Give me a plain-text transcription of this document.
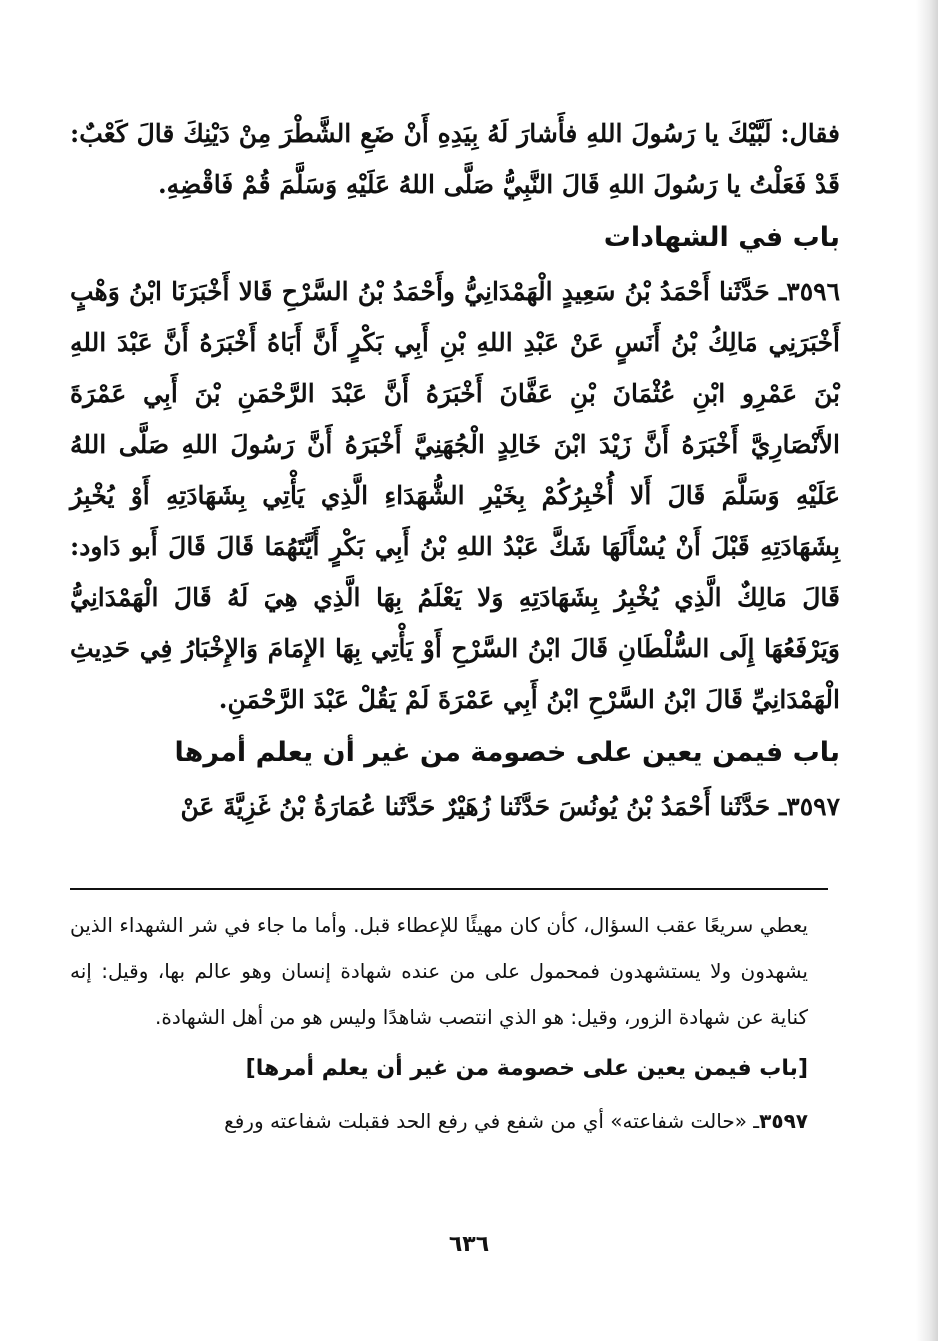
فقال: لَبَّيْكَ يا رَسُولَ اللهِ فأَشارَ لَهُ بِيَدِهِ أَنْ ضَعِ الشَّطْرَ مِنْ دَيْنِكَ قالَ كَعْبٌ: قَدْ فَعَلْتُ يا رَسُولَ اللهِ قَالَ النَّبِيُّ صَلَّى اللهُ عَلَيْهِ وَسَلَّمَ قُمْ فَاقْضِهِ.

باب في الشهادات

٣٥٩٦ـ حَدَّثَنا أَحْمَدُ بْنُ سَعِيدٍ الْهَمْدَانِيُّ وأَحْمَدُ بْنُ السَّرْحِ قَالا أَخْبَرَنَا ابْنُ وَهْبٍ أَخْبَرَنِي مَالِكُ بْنُ أَنَسٍ عَنْ عَبْدِ اللهِ بْنِ أَبِي بَكْرٍ أَنَّ أَبَاهُ أَخْبَرَهُ أَنَّ عَبْدَ اللهِ بْنَ عَمْرِو ابْنِ عُثْمَانَ بْنِ عَفَّانَ أَخْبَرَهُ أَنَّ عَبْدَ الرَّحْمَنِ بْنَ أَبِي عَمْرَةَ الأَنْصَارِيَّ أَخْبَرَهُ أَنَّ زَيْدَ ابْنَ خَالِدٍ الْجُهَنِيَّ أَخْبَرَهُ أَنَّ رَسُولَ اللهِ صَلَّى اللهُ عَلَيْهِ وَسَلَّمَ قَالَ أَلا أُخْبِرُكُمْ بِخَيْرِ الشُّهَدَاءِ الَّذِي يَأْتِي بِشَهَادَتِهِ أَوْ يُخْبِرُ بِشَهَادَتِهِ قَبْلَ أَنْ يُسْأَلَهَا شَكَّ عَبْدُ اللهِ بْنُ أَبِي بَكْرٍ أَيَّتَهُمَا قَالَ قَالَ أَبو دَاود: قَالَ مَالِكٌ الَّذِي يُخْبِرُ بِشَهَادَتِهِ وَلا يَعْلَمُ بِهَا الَّذِي هِيَ لَهُ قَالَ الْهَمْدَانِيُّ وَيَرْفَعُهَا إِلَى السُّلْطَانِ قَالَ ابْنُ السَّرْحِ أَوْ يَأْتِي بِهَا الإِمَامَ وَالإِخْبَارُ فِي حَدِيثِ الْهَمْدَانِيِّ قَالَ ابْنُ السَّرْحِ ابْنُ أَبِي عَمْرَةَ لَمْ يَقُلْ عَبْدَ الرَّحْمَنِ.

باب فيمن يعين على خصومة من غير أن يعلم أمرها

٣٥٩٧ـ حَدَّثَنا أَحْمَدُ بْنُ يُونُسَ حَدَّثَنا زُهَيْرٌ حَدَّثَنا عُمَارَةُ بْنُ غَزِيَّةَ عَنْ

يعطي سريعًا عقب السؤال، كأن كان مهيئًا للإعطاء قبل. وأما ما جاء في شر الشهداء الذين يشهدون ولا يستشهدون فمحمول على من عنده شهادة إنسان وهو عالم بها، وقيل: إنه كناية عن شهادة الزور، وقيل: هو الذي انتصب شاهدًا وليس هو من أهل الشهادة.

[باب فيمن يعين على خصومة من غير أن يعلم أمرها]

٣٥٩٧ـ «حالت شفاعته» أي من شفع في رفع الحد فقبلت شفاعته ورفع

٦٣٦
